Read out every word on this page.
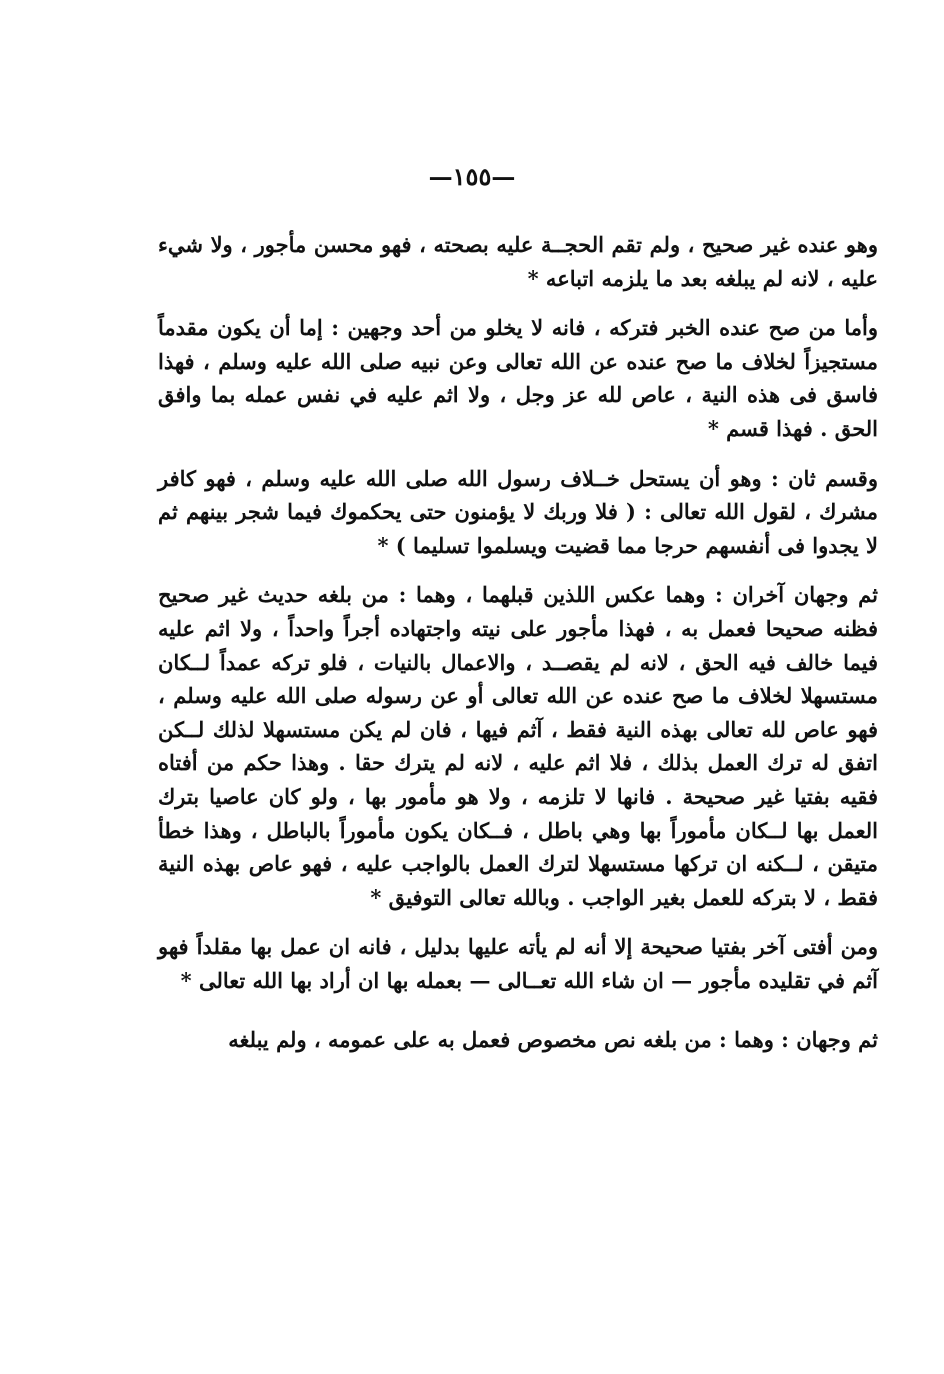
—١٥٥—

وهو عنده غير صحيح ، ولم تقم الحجــة عليه بصحته ، فهو محسن مأجور ، ولا شيء عليه ، لانه لم يبلغه بعد ما يلزمه اتباعه *

وأما من صح عنده الخبر فتركه ، فانه لا يخلو من أحد وجهين : إما أن يكون مقدماً مستجيزاً لخلاف ما صح عنده عن الله تعالى وعن نبيه صلى الله عليه وسلم ، فهذا فاسق فى هذه النية ، عاص لله عز وجل ، ولا اثم عليه في نفس عمله بما وافق الحق . فهذا قسم *

وقسم ثان : وهو أن يستحل خــلاف رسول الله صلى الله عليه وسلم ، فهو كافر مشرك ، لقول الله تعالى : ( فلا وربك لا يؤمنون حتى يحكموك فيما شجر بينهم ثم لا يجدوا فى أنفسهم حرجا مما قضيت ويسلموا تسليما ) *

ثم وجهان آخران : وهما عكس اللذين قبلهما ، وهما : من بلغه حديث غير صحيح فظنه صحيحا فعمل به ، فهذا مأجور على نيته واجتهاده أجراً واحداً ، ولا اثم عليه فيما خالف فيه الحق ، لانه لم يقصــد ، والاعمال بالنيات ، فلو تركه عمداً لــكان مستسهلا لخلاف ما صح عنده عن الله تعالى أو عن رسوله صلى الله عليه وسلم ، فهو عاص لله تعالى بهذه النية فقط ، آثم فيها ، فان لم يكن مستسهلا لذلك لــكن اتفق له ترك العمل بذلك ، فلا اثم عليه ، لانه لم يترك حقا . وهذا حكم من أفتاه فقيه بفتيا غير صحيحة . فانها لا تلزمه ، ولا هو مأمور بها ، ولو كان عاصيا بترك العمل بها لــكان مأموراً بها وهي باطل ، فــكان يكون مأموراً بالباطل ، وهذا خطأ متيقن ، لــكنه ان تركها مستسهلا لترك العمل بالواجب عليه ، فهو عاص بهذه النية فقط ، لا بتركه للعمل بغير الواجب . وبالله تعالى التوفيق *

ومن أفتى آخر بفتيا صحيحة إلا أنه لم يأته عليها بدليل ، فانه ان عمل بها مقلداً فهو آثم في تقليده مأجور — ان شاء الله تعــالى — بعمله بها ان أراد بها الله تعالى *

ثم وجهان : وهما : من بلغه نص مخصوص فعمل به على عمومه ، ولم يبلغه
